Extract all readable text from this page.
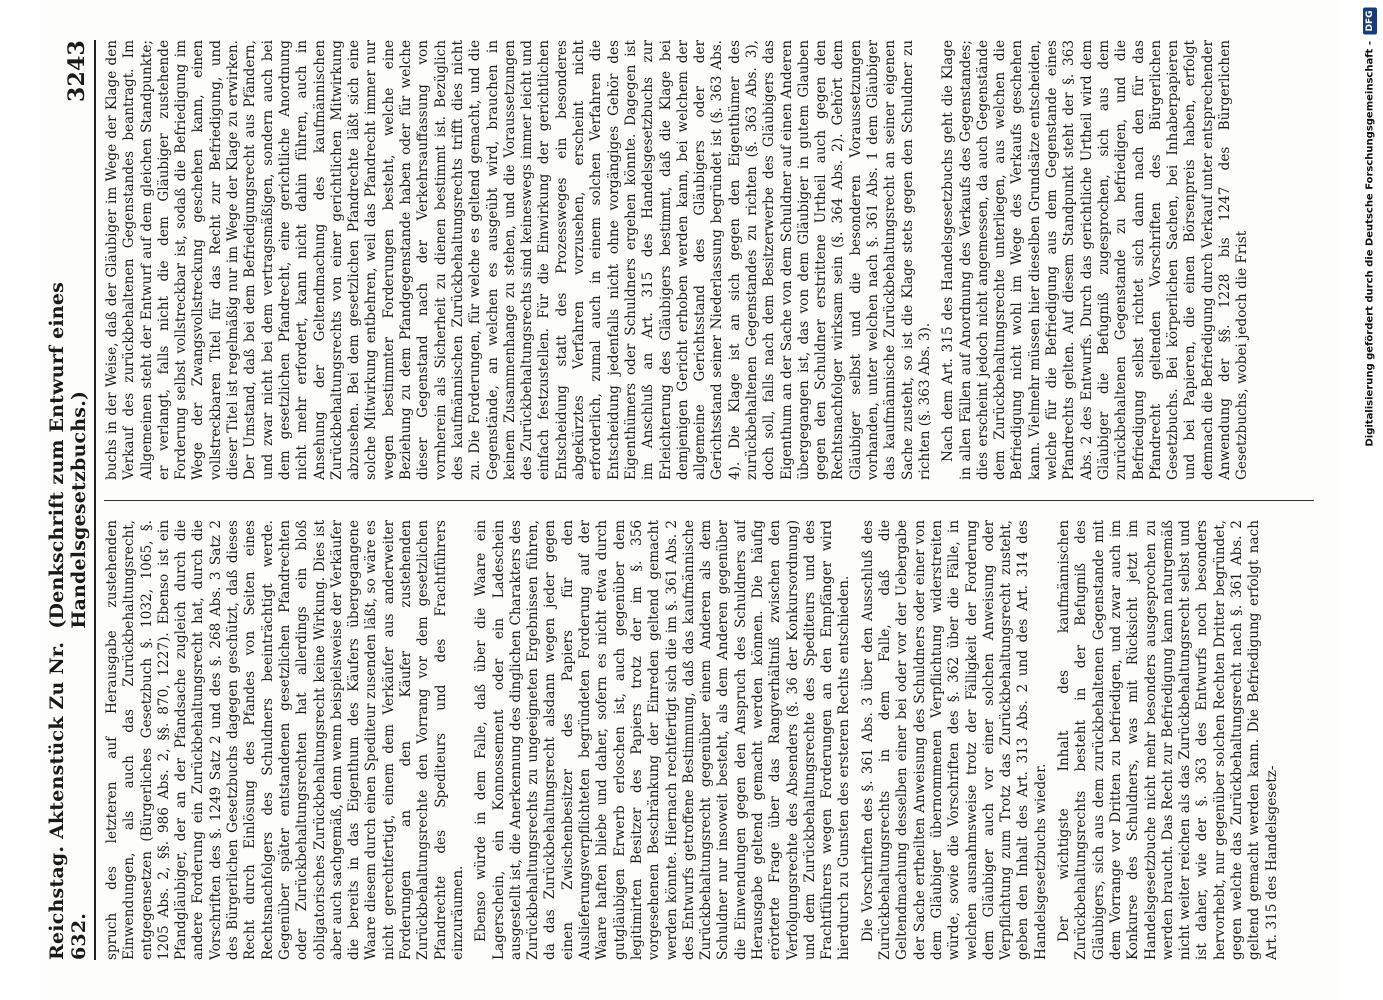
Reichstag. Aktenstück Zu Nr. 632.
(Denkschrift zum Entwurf eines Handelsgesetzbuchs.)
3243

spruch des letzteren auf Herausgabe zustehenden Einwendungen, als auch das Zurückbehaltungsrecht, entgegensetzen (Bürgerliches Gesetzbuch §. 1032, 1065, §. 1205 Abs. 2, §§. 986 Abs. 2, §§. 870, 1227). Ebenso ist ein Pfandgläubiger, der an der Pfandsache zugleich durch die andere Forderung ein Zurückbehaltungsrecht hat, durch die Vorschriften des §. 1249 Satz 2 und des §. 268 Abs. 3 Satz 2 des Bürgerlichen Gesetzbuchs dagegen geschützt, daß dieses Recht durch Einlösung des Pfandes von Seiten eines Rechtsnachfolgers des Schuldners beeinträchtigt werde. Gegenüber später entstandenen gesetzlichen Pfandrechten oder Zurückbehaltungsrechten hat allerdings ein bloß obligatorisches Zurückbehaltungsrecht keine Wirkung. Dies ist aber auch sachgemäß, denn wenn beispielsweise der Verkäufer die bereits in das Eigenthum des Käufers übergegangene Waare diesem durch einen Spediteur zusenden läßt, so wäre es nicht gerechtfertigt, einem dem Verkäufer aus anderweiter Forderungen an den Käufer zustehenden Zurückbehaltungsrechte den Vorrang vor dem gesetzlichen Pfandrechte des Spediteurs und des Frachtführers einzuräumen. Ebenso würde in dem Falle, daß über die Waare ein Lagerschein, ein Konnossement oder ein Ladeschein ausgestellt ist, die Anerkennung des dinglichen Charakters des Zurückbehaltungsrechts zu ungeeigneten Ergebnissen führen, da das Zurückbehaltungsrecht alsdann wegen jeder gegen einen Zwischenbesitzer des Papiers für den Auslieferungsverpflichteten begründeten Forderung auf der Waare haften bliebe und daher, sofern es nicht etwa durch gutgläubigen Erwerb erloschen ist, auch gegenüber dem legitimirten Besitzer des Papiers trotz der im §. 356 vorgesehenen Beschränkung der Einreden geltend gemacht werden könnte. Hiernach rechtfertigt sich die im §. 361 Abs. 2 des Entwurfs getroffene Bestimmung, daß das kaufmännische Zurückbehaltungsrecht gegenüber einem Anderen als dem Schuldner nur insoweit besteht, als dem Anderen gegenüber die Einwendungen gegen den Anspruch des Schuldners auf Herausgabe geltend gemacht werden können. Die häufig erörterte Frage über das Rangverhältniß zwischen den Verfolgungsrechte des Absenders (§. 36 der Konkursordnung) und dem Zurückbehaltungsrechte des Spediteurs und des Frachtführers wegen Forderungen an den Empfänger wird hierdurch zu Gunsten des ersteren Rechts entschieden. Die Vorschriften des §. 361 Abs. 3 über den Ausschluß des Zurückbehaltungsrechts in dem Falle, daß die Geltendmachung desselben einer bei oder vor der Uebergabe der Sache ertheilten Anweisung des Schuldners oder einer von dem Gläubiger übernommenen Verpflichtung widerstreiten würde, sowie die Vorschriften des §. 362 über die Fälle, in welchen ausnahmsweise trotz der Fälligkeit der Forderung dem Gläubiger auch vor einer solchen Anweisung oder Verpflichtung zum Trotz das Zurückbehaltungsrecht zusteht, geben den Inhalt des Art. 313 Abs. 2 und des Art. 314 des Handelsgesetzbuchs wieder. Der wichtigste Inhalt des kaufmännischen Zurückbehaltungsrechts besteht in der Befugniß des Gläubigers, sich aus dem zurückbehaltenen Gegenstande mit dem Vorrange vor Dritten zu befriedigen, und zwar auch im Konkurse des Schuldners, was mit Rücksicht jetzt im Handelsgesetzbuche nicht mehr besonders ausgesprochen zu werden braucht. Das Recht zur Befriedigung kann naturgemäß nicht weiter reichen als das Zurückbehaltungsrecht selbst und ist daher, wie der §. 363 des Entwurfs noch besonders hervorhebt, nur gegenüber solchen Rechten Dritter begründet, gegen welche das Zurückbehaltungsrecht nach §. 361 Abs. 2 geltend gemacht werden kann. Die Befriedigung erfolgt nach Art. 315 des Handelsgesetz-

buchs in der Weise, daß der Gläubiger im Wege der Klage den Verkauf des zurückbehaltenen Gegenstandes beantragt. Im Allgemeinen steht der Entwurf auf dem gleichen Standpunkte; er verlangt, falls nicht die dem Gläubiger zustehende Forderung selbst vollstreckbar ist, sodaß die Befriedigung im Wege der Zwangsvollstreckung geschehen kann, einen vollstreckbaren Titel für das Recht zur Befriedigung, und dieser Titel ist regelmäßig nur im Wege der Klage zu erwirken. Der Umstand, daß bei dem Befriedigungsrecht aus Pfändern, und zwar nicht bei dem vertragsmäßigen, sondern auch bei dem gesetzlichen Pfandrecht, eine gerichtliche Anordnung nicht mehr erfordert, kann nicht dahin führen, auch in Ansehung der Geltendmachung des kaufmännischen Zurückbehaltungsrechts von einer gerichtlichen Mitwirkung abzusehen. Bei dem gesetzlichen Pfandrechte läßt sich eine solche Mitwirkung entbehren, weil das Pfandrecht immer nur wegen bestimmter Forderungen besteht, welche eine Beziehung zu dem Pfandgegenstande haben oder für welche dieser Gegenstand nach der Verkehrsauffassung von vornherein als Sicherheit zu dienen bestimmt ist. Bezüglich des kaufmännischen Zurückbehaltungsrechts trifft dies nicht zu. Die Forderungen, für welche es geltend gemacht, und die Gegenstände, an welchen es ausgeübt wird, brauchen in keinem Zusammenhange zu stehen, und die Voraussetzungen des Zurückbehaltungsrechts sind keineswegs immer leicht und einfach festzustellen. Für die Einwirkung der gerichtlichen Entscheidung statt des Prozessweges ein besonderes abgekürztes Verfahren vorzusehen, erscheint nicht erforderlich, zumal auch in einem solchen Verfahren die Entscheidung jedenfalls nicht ohne vorgängiges Gehör des Eigenthümers oder Schuldners ergehen könnte. Dagegen ist im Anschluß an Art. 315 des Handelsgesetzbuchs zur Erleichterung des Gläubigers bestimmt, daß die Klage bei demjenigen Gericht erhoben werden kann, bei welchem der allgemeine Gerichtsstand des Gläubigers oder der Gerichtsstand seiner Niederlassung begründet ist (§. 363 Abs. 4). Die Klage ist an sich gegen den Eigenthümer des zurückbehaltenen Gegenstandes zu richten (§. 363 Abs. 3), doch soll, falls nach dem Besitzerwerbe des Gläubigers das Eigenthum an der Sache von dem Schuldner auf einen Anderen übergegangen ist, das von dem Gläubiger in gutem Glauben gegen den Schuldner erstrittene Urtheil auch gegen den Rechtsnachfolger wirksam sein (§. 364 Abs. 2). Gehört dem Gläubiger selbst und die besonderen Voraussetzungen vorhanden, unter welchen nach §. 361 Abs. 1 dem Gläubiger das kaufmännische Zurückbehaltungsrecht an seiner eigenen Sache zusteht, so ist die Klage stets gegen den Schuldner zu richten (§. 363 Abs. 3). Nach dem Art. 315 des Handelsgesetzbuchs geht die Klage in allen Fällen auf Anordnung des Verkaufs des Gegenstandes; dies erscheint jedoch nicht angemessen, da auch Gegenstände dem Zurückbehaltungsrechte unterliegen, aus welchen die Befriedigung nicht wohl im Wege des Verkaufs geschehen kann. Vielmehr müssen hier dieselben Grundsätze entscheiden, welche für die Befriedigung aus dem Gegenstande eines Pfandrechts gelten. Auf diesem Standpunkt steht der §. 363 Abs. 2 des Entwurfs. Durch das gerichtliche Urtheil wird dem Gläubiger die Befugniß zugesprochen, sich aus dem zurückbehaltenen Gegenstande zu befriedigen, und die Befriedigung selbst richtet sich dann nach den für das Pfandrecht geltenden Vorschriften des Bürgerlichen Gesetzbuchs. Bei körperlichen Sachen, bei Inhaberpapieren und bei Papieren, die einen Börsenpreis haben, erfolgt demnach die Befriedigung durch Verkauf unter entsprechender Anwendung der §§. 1228 bis 1247 des Bürgerlichen Gesetzbuchs, wobei jedoch die Frist	Digitalisierung gefördert durch die Deutsche Forschungsgemeinschaft -
DFG
